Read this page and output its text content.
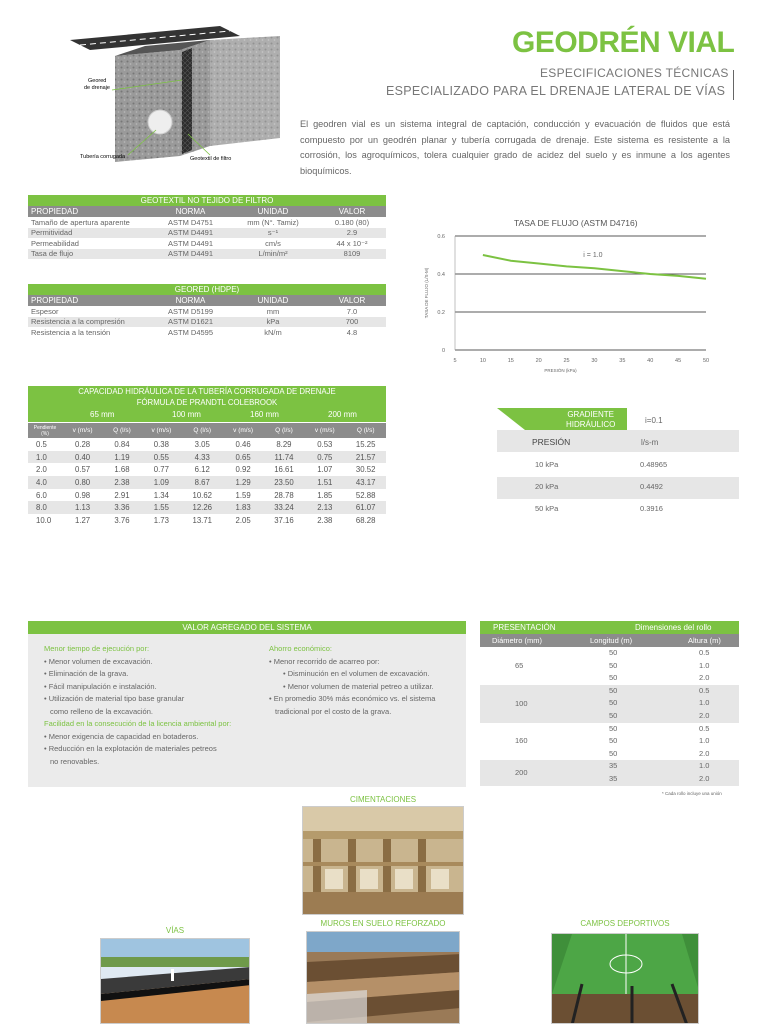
GEODRÉN VIAL
ESPECIFICACIONES TÉCNICAS
ESPECIALIZADO PARA EL DRENAJE LATERAL DE VÍAS
El geodren vial es un sistema integral de captación, conducción y evacuación de fluidos que está compuesto por un geodrén planar y tubería corrugada de drenaje. Este sistema es resistente a la corrosión, los agroquímicos, tolera cualquier grado de acidez del suelo y es inmune a los agentes bioquímicos.
Geored
de drenaje
Tubería corrugada	Geotextil de filtro
GEOTEXTIL NO TEJIDO DE FILTRO
PROPIEDAD	NORMA	UNIDAD	VALOR
Tamaño de apertura aparente	ASTM D4751	mm (N°. Tamiz)	0.180 (80)
Permitividad	ASTM D4491	s⁻¹	2.9
Permeabilidad	ASTM D4491	cm/s	44 x 10⁻²
Tasa de flujo	ASTM D4491	L/min/m²	8109
GEORED (HDPE)
PROPIEDAD	NORMA	UNIDAD	VALOR
Espesor	ASTM D5199	mm	7.0
Resistencia a la compresión	ASTM D1621	kPa	700
Resistencia a la tensión	ASTM D4595	kN/m	4.8
TASA DE FLUJO (ASTM D4716)
0
0.2
0.4
0.6
5	10	15	20	25	30	35	40	45	50
PRESIÓN (kPa)
TASA DE FLUJO (L/S-M)
i = 1.0
CAPACIDAD HIDRÁULICA DE LA TUBERÍA CORRUGADA DE DRENAJE
FÓRMULA DE PRANDTL COLEBROOK
65 mm	100 mm	160 mm	200 mm
Pendiente
(%)	v (m/s)	Q (l/s)	v (m/s)	Q (l/s)	v (m/s)	Q (l/s)	v (m/s)	Q (l/s)
0.5	0.28	0.84	0.38	3.05	0.46	8.29	0.53	15.25
1.0	0.40	1.19	0.55	4.33	0.65	11.74	0.75	21.57
2.0	0.57	1.68	0.77	6.12	0.92	16.61	1.07	30.52
4.0	0.80	2.38	1.09	8.67	1.29	23.50	1.51	43.17
6.0	0.98	2.91	1.34	10.62	1.59	28.78	1.85	52.88
8.0	1.13	3.36	1.55	12.26	1.83	33.24	2.13	61.07
10.0	1.27	3.76	1.73	13.71	2.05	37.16	2.38	68.28
GRADIENTE
HIDRÁULICO	i=0.1
PRESIÓN	l/s-m
10 kPa	0.48965
20 kPa	0.4492
50 kPa	0.3916
VALOR AGREGADO DEL SISTEMA
Menor tiempo de ejecución por:
• Menor volumen de excavación.
• Eliminación de la grava.
• Fácil manipulación e instalación.
• Utilización de material tipo base granular
como relleno de la excavación.
Facilidad en la consecución de la licencia ambiental por:
• Menor exigencia de capacidad en botaderos.
• Reducción en la explotación de materiales petreos
no renovables.
Ahorro económico:
• Menor recorrido de acarreo por:
• Disminución en el volumen de excavación.
• Menor volumen de material petreo a utilizar.
• En promedio 30% más económico vs. el sistema
tradicional por el costo de la grava.
PRESENTACIÓN	Dimensiones del rollo
Diámetro (mm)	Longitud (m)	Altura (m)
65
50	0.5
50	1.0
50	2.0
100
50	0.5
50	1.0
50	2.0
160
50	0.5
50	1.0
50	2.0
200
35	1.0
35	2.0
* Cada rollo incluye una unión
CIMENTACIONES
VÍAS
MUROS EN SUELO REFORZADO	CAMPOS DEPORTIVOS
